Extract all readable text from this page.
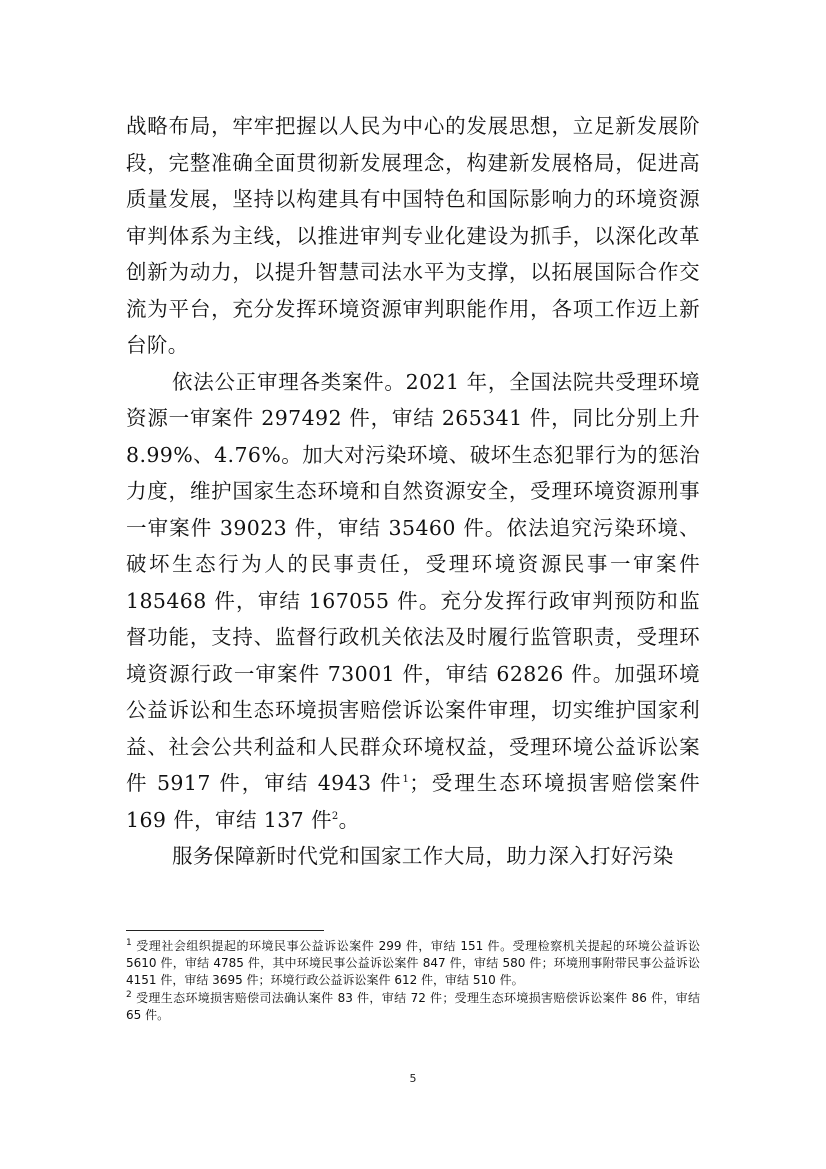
战略布局，牢牢把握以人民为中心的发展思想，立足新发展阶段，完整准确全面贯彻新发展理念，构建新发展格局，促进高质量发展，坚持以构建具有中国特色和国际影响力的环境资源审判体系为主线，以推进审判专业化建设为抓手，以深化改革创新为动力，以提升智慧司法水平为支撑，以拓展国际合作交流为平台，充分发挥环境资源审判职能作用，各项工作迈上新台阶。

依法公正审理各类案件。2021 年，全国法院共受理环境资源一审案件 297492 件，审结 265341 件，同比分别上升 8.99%、4.76%。加大对污染环境、破坏生态犯罪行为的惩治力度，维护国家生态环境和自然资源安全，受理环境资源刑事一审案件 39023 件，审结 35460 件。依法追究污染环境、破坏生态行为人的民事责任，受理环境资源民事一审案件 185468 件，审结 167055 件。充分发挥行政审判预防和监督功能，支持、监督行政机关依法及时履行监管职责，受理环境资源行政一审案件 73001 件，审结 62826 件。加强环境公益诉讼和生态环境损害赔偿诉讼案件审理，切实维护国家利益、社会公共利益和人民群众环境权益，受理环境公益诉讼案件 5917 件，审结 4943 件$^1$；受理生态环境损害赔偿案件 169 件，审结 137 件$^2$。

服务保障新时代党和国家工作大局，助力深入打好污染

$^1$ 受理社会组织提起的环境民事公益诉讼案件 299 件，审结 151 件。受理检察机关提起的环境公益诉讼 5610 件，审结 4785 件，其中环境民事公益诉讼案件 847 件，审结 580 件；环境刑事附带民事公益诉讼 4151 件，审结 3695 件；环境行政公益诉讼案件 612 件，审结 510 件。

$^2$ 受理生态环境损害赔偿司法确认案件 83 件，审结 72 件；受理生态环境损害赔偿诉讼案件 86 件，审结 65 件。

5
